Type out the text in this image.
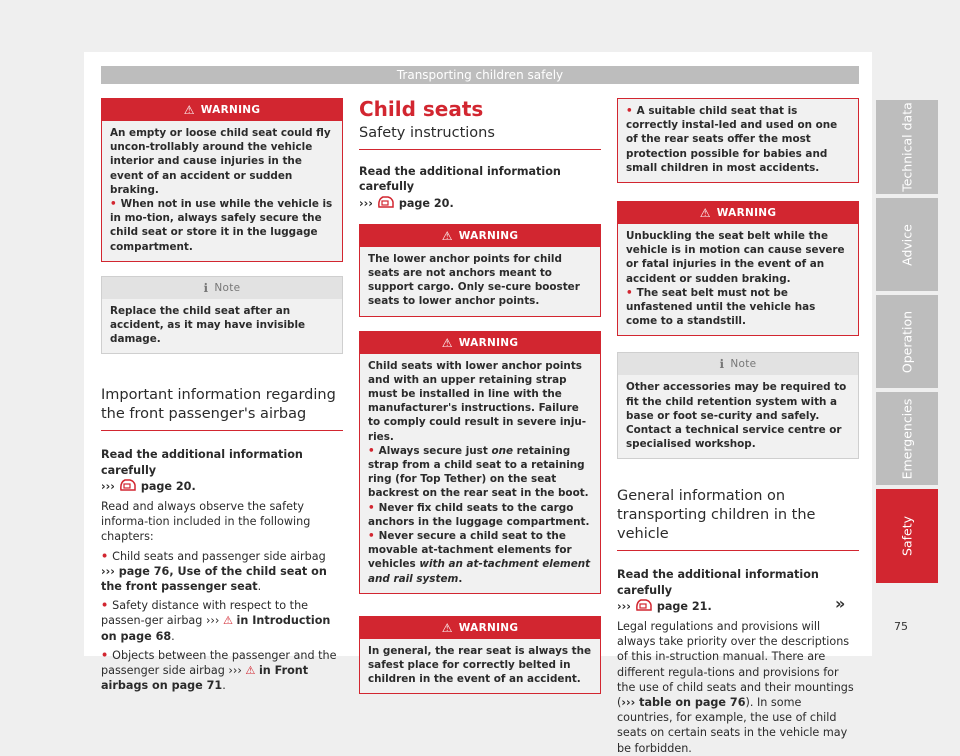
Transporting children safely
⚠ WARNING

An empty or loose child seat could fly uncon-trollably around the vehicle interior and cause injuries in the event of an accident or sudden braking.

• When not in use while the vehicle is in mo-tion, always safely secure the child seat or store it in the luggage compartment.

ℹ Note

Replace the child seat after an accident, as it may have invisible damage.

Important information regarding the front passenger's airbag

Read the additional information carefully
››› page 20.

Read and always observe the safety informa-tion included in the following chapters:

• Child seats and passenger side airbag
››› page 76, Use of the child seat on the front passenger seat.

• Safety distance with respect to the passen-ger airbag ››› ⚠ in Introduction on page 68.

• Objects between the passenger and the passenger side airbag ››› ⚠ in Front airbags on page 71.

Child seats
Safety instructions

Read the additional information carefully
››› page 20.

⚠ WARNING

The lower anchor points for child seats are not anchors meant to support cargo. Only se-cure booster seats to lower anchor points.

⚠ WARNING

Child seats with lower anchor points and with an upper retaining strap must be installed in line with the manufacturer's instructions. Failure to comply could result in severe inju-ries.

• Always secure just one retaining strap from a child seat to a retaining ring (for Top Tether) on the seat backrest on the rear seat in the boot.

• Never fix child seats to the cargo anchors in the luggage compartment.

• Never secure a child seat to the movable at-tachment elements for vehicles with an at-tachment element and rail system.

⚠ WARNING

In general, the rear seat is always the safest place for correctly belted in children in the event of an accident.

• A suitable child seat that is correctly instal-led and used on one of the rear seats offer the most protection possible for babies and small children in most accidents.

⚠ WARNING

Unbuckling the seat belt while the vehicle is in motion can cause severe or fatal injuries in the event of an accident or sudden braking.

• The seat belt must not be unfastened until the vehicle has come to a standstill.

ℹ Note

Other accessories may be required to fit the child retention system with a base or foot se-curity and safely. Contact a technical service centre or specialised workshop.

General information on transporting children in the vehicle

Read the additional information carefully
››› page 21.

Legal regulations and provisions will always take priority over the descriptions of this in-struction manual. There are different regula-tions and provisions for the use of child seats and their mountings (››› table on page 76). In some countries, for example, the use of child seats on certain seats in the vehicle may be forbidden.

»
Technical data
Advice
Operation
Emergencies
Safety
75
